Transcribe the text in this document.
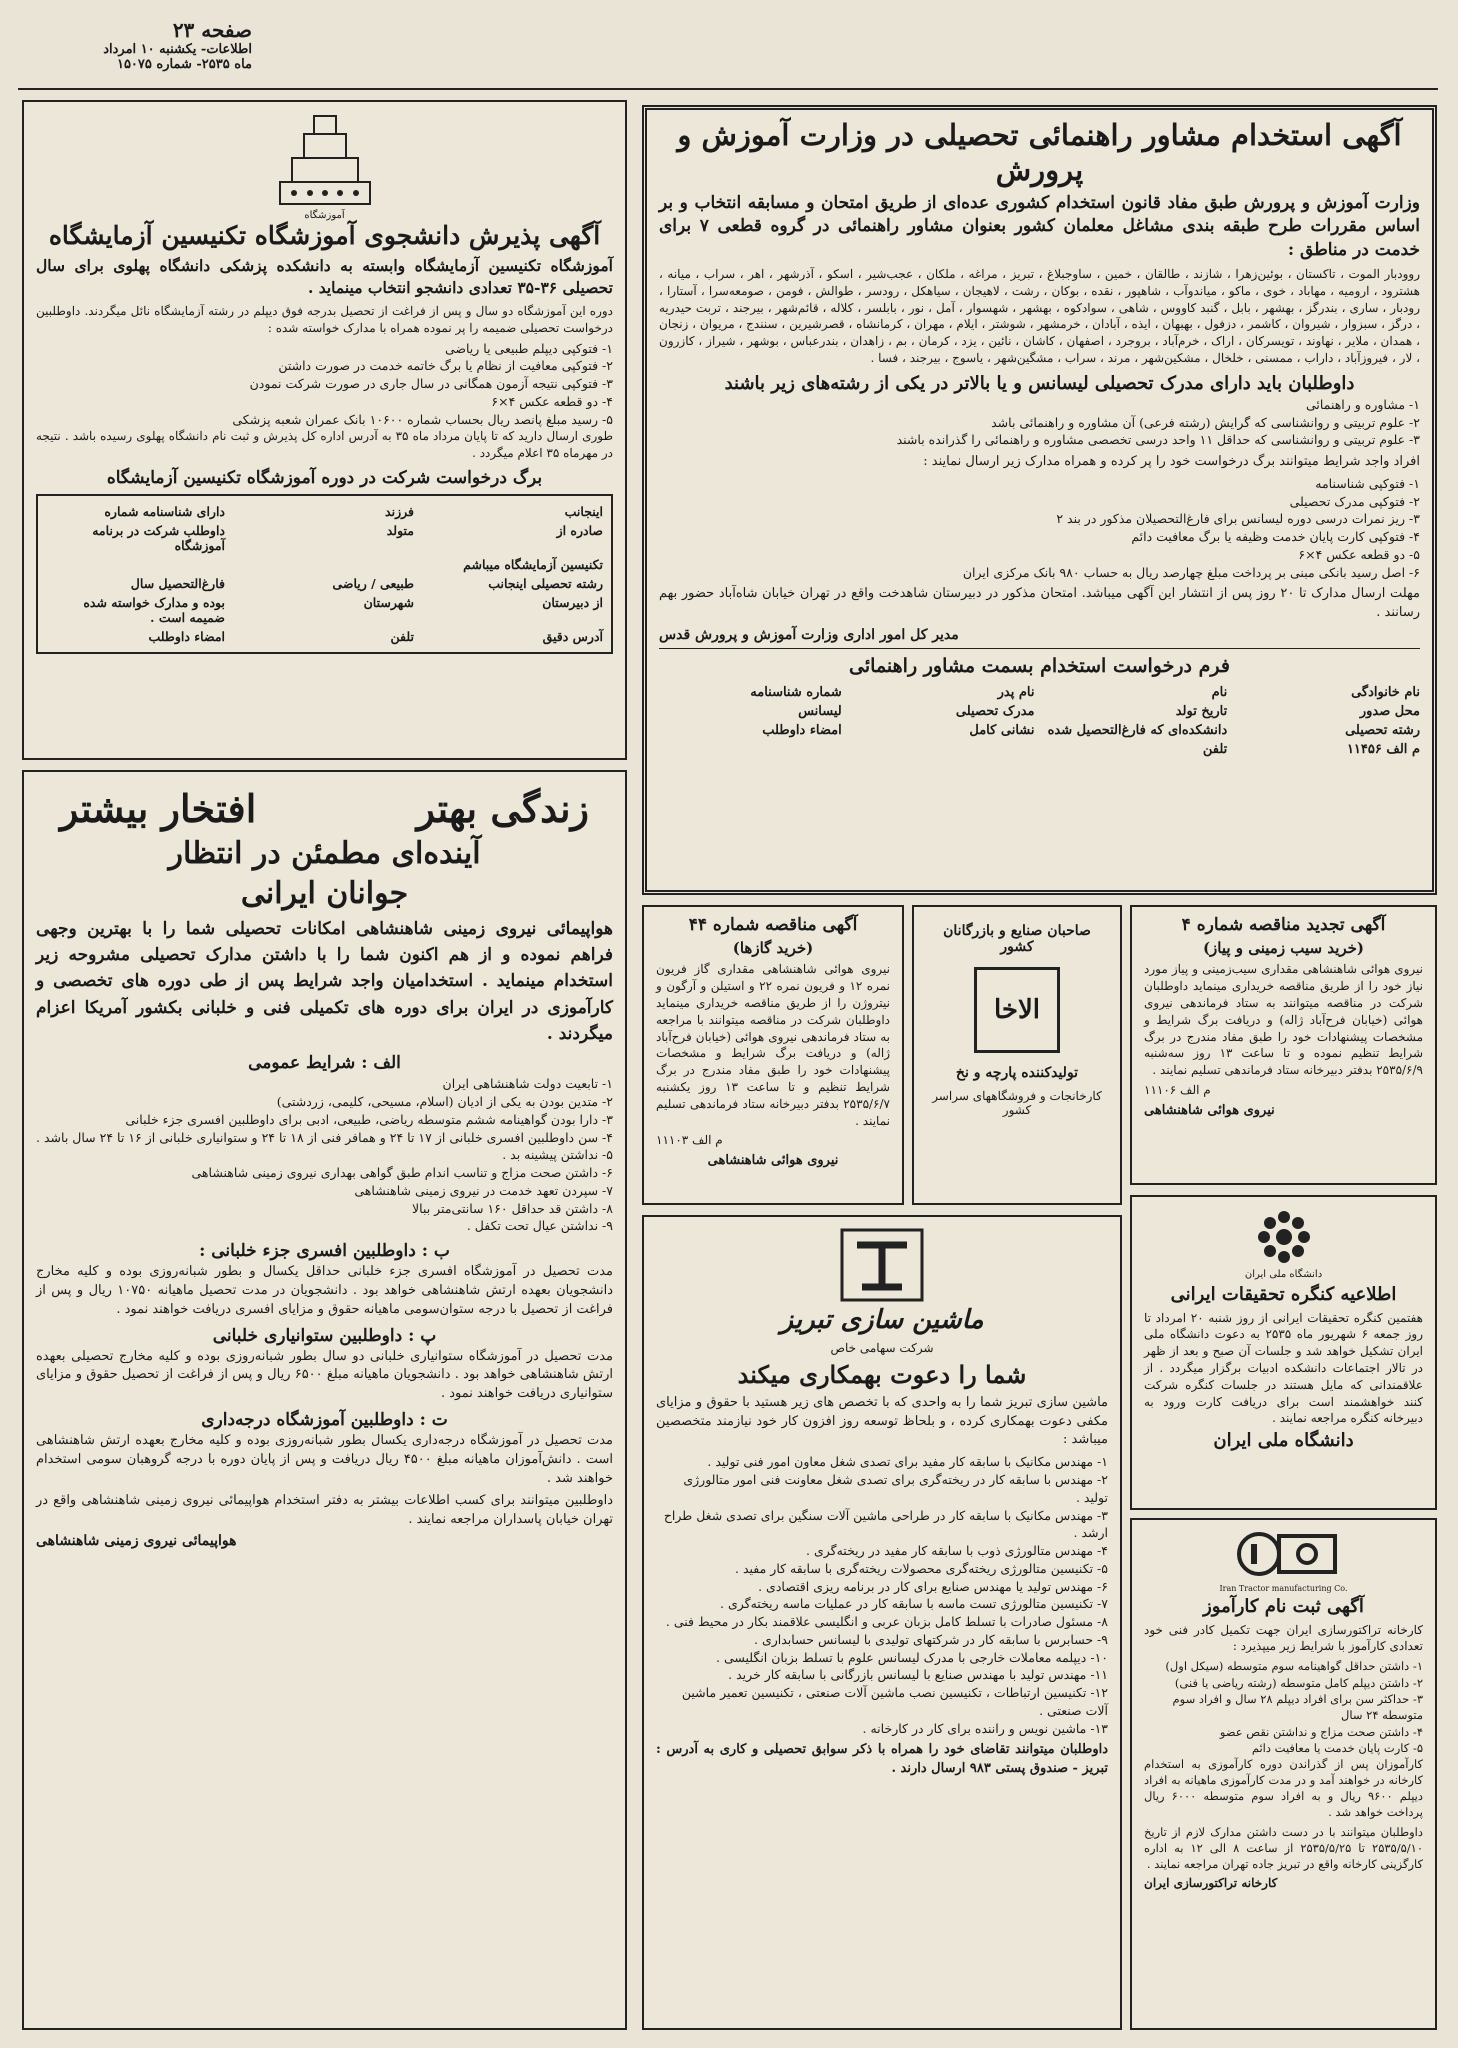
صفحه ۲۳
اطلاعات- یکشنبه ۱۰ امرداد
ماه ۲۵۳۵- شماره ۱۵۰۷۵
آگهی استخدام مشاور راهنمائی تحصیلی در وزارت آموزش و پرورش

وزارت آموزش و پرورش طبق مفاد قانون استخدام کشوری عده‌ای از طریق امتحان و مسابقه انتخاب و بر اساس مقررات طرح طبقه بندی مشاغل معلمان کشور بعنوان مشاور راهنمائی در گروه قطعی ۷ برای خدمت در مناطق :

روودبار الموت ، تاکستان ، بوئین‌زهرا ، شازند ، طالقان ، خمین ، ساوجبلاغ ، تبریز ، مراغه ، ملکان ، عجب‌شیر ، اسکو ، آذرشهر ، اهر ، سراب ، میانه ، هشترود ، ارومیه ، مهاباد ، خوی ، ماکو ، میاندوآب ، شاهپور ، نقده ، بوکان ، رشت ، لاهیجان ، سیاهکل ، رودسر ، طوالش ، فومن ، صومعه‌سرا ، آستارا ، رودبار ، ساری ، بندرگز ، بهشهر ، بابل ، گنبد کاووس ، شاهی ، سوادکوه ، بهشهر ، شهسوار ، آمل ، نور ، بابلسر ، کلاله ، قائم‌شهر ، بیرجند ، تربت حیدریه ، درگز ، سبزوار ، شیروان ، کاشمر ، دزفول ، بهبهان ، ایذه ، آبادان ، خرمشهر ، شوشتر ، ایلام ، مهران ، کرمانشاه ، قصرشیرین ، سنندج ، مریوان ، زنجان ، همدان ، ملایر ، نهاوند ، تویسرکان ، اراک ، خرم‌آباد ، بروجرد ، اصفهان ، کاشان ، نائین ، یزد ، کرمان ، بم ، زاهدان ، بندرعباس ، بوشهر ، شیراز ، کازرون ، لار ، فیروزآباد ، داراب ، ممسنی ، خلخال ، مشکین‌شهر ، مرند ، سراب ، مشگین‌شهر ، یاسوج ، بیرجند ، فسا .

داوطلبان باید دارای مدرک تحصیلی لیسانس و یا بالاتر در یکی از رشته‌های زیر باشند
۱- مشاوره و راهنمائی
۲- علوم تربیتی و روانشناسی که گرایش (رشته فرعی) آن مشاوره و راهنمائی باشد
۳- علوم تربیتی و روانشناسی که حداقل ۱۱ واحد درسی تخصصی مشاوره و راهنمائی را گذرانده باشند

افراد واجد شرایط میتوانند برگ درخواست خود را پر کرده و همراه مدارک زیر ارسال نمایند :

۱- فتوکپی شناسنامه
۲- فتوکپی مدرک تحصیلی
۳- ریز نمرات درسی دوره لیسانس برای فارغ‌التحصیلان مذکور در بند ۲
۴- فتوکپی کارت پایان خدمت وظیفه یا برگ معافیت دائم
۵- دو قطعه عکس ۴×۶
۶- اصل رسید بانکی مبنی بر پرداخت مبلغ چهارصد ریال به حساب ۹۸۰ بانک مرکزی ایران

مهلت ارسال مدارک تا ۲۰ روز پس از انتشار این آگهی میباشد. امتحان مذکور در دبیرستان شاهدخت واقع در تهران خیابان شاه‌آباد حضور بهم رسانند .

مدیر کل امور اداری وزارت آموزش و پرورش قدس
فرم درخواست استخدام بسمت مشاور راهنمائی
نام خانوادگی
نام
نام پدر
شماره شناسنامه
محل صدور
تاریخ تولد
مدرک تحصیلی
لیسانس
رشته تحصیلی
دانشکده‌ای که فارغ‌التحصیل شده
نشانی کامل
امضاء داوطلب
م الف ۱۱۴۵۶
تلفن
آموزشگاه
آگهی پذیرش دانشجوی آموزشگاه تکنیسین آزمایشگاه

آموزشگاه تکنیسین آزمایشگاه وابسته به دانشکده پزشکی دانشگاه پهلوی برای سال تحصیلی ۳۶-۳۵ تعدادی دانشجو انتخاب مینماید .

دوره این آموزشگاه دو سال و پس از فراغت از تحصیل بدرجه فوق دیپلم در رشته آزمایشگاه نائل میگردند. داوطلبین درخواست تحصیلی ضمیمه را پر نموده همراه با مدارک خواسته شده :

۱- فتوکپی دیپلم طبیعی یا ریاضی
۲- فتوکپی معافیت از نظام یا برگ خاتمه خدمت در صورت داشتن
۳- فتوکپی نتیجه آزمون همگانی در سال جاری در صورت شرکت نمودن
۴- دو قطعه عکس ۴×۶
۵- رسید مبلغ پانصد ریال بحساب شماره ۱۰۶۰۰ بانک عمران شعبه پزشکی

طوری ارسال دارید که تا پایان مرداد ماه ۳۵ به آدرس اداره کل پذیرش و ثبت نام دانشگاه پهلوی رسیده باشد . نتیجه در مهرماه ۳۵ اعلام میگردد .

برگ درخواست شرکت در دوره آموزشگاه تکنیسین آزمایشگاه
اینجانب
فرزند
دارای شناسنامه شماره
صادره از
متولد
داوطلب شرکت در برنامه آموزشگاه
تکنیسین آزمایشگاه میباشم
رشته تحصیلی اینجانب
طبیعی / ریاضی
فارغ‌التحصیل سال
از دبیرستان
شهرستان
بوده و مدارک خواسته شده ضمیمه است .
آدرس دقیق
تلفن
امضاء داوطلب
زندگی بهتر
افتخار بیشتر
آینده‌ای مطمئن در انتظار
جوانان ایرانی

هواپیمائی نیروی زمینی شاهنشاهی امکانات تحصیلی شما را با بهترین وجهی فراهم نموده و از هم اکنون شما را با داشتن مدارک تحصیلی مشروحه زیر استخدام مینماید . استخدامیان واجد شرایط پس از طی دوره های تخصصی و کارآموزی در ایران برای دوره های تکمیلی فنی و خلبانی بکشور آمریکا اعزام میگردند .

الف : شرایط عمومی
۱- تابعیت دولت شاهنشاهی ایران
۲- متدین بودن به یکی از ادیان (اسلام، مسیحی، کلیمی، زردشتی)
۳- دارا بودن گواهینامه ششم متوسطه ریاضی، طبیعی، ادبی برای داوطلبین افسری جزء خلبانی
۴- سن داوطلبین افسری خلبانی از ۱۷ تا ۲۴ و همافر فنی از ۱۸ تا ۲۴ و ستوانیاری خلبانی از ۱۶ تا ۲۴ سال باشد .
۵- نداشتن پیشینه بد .
۶- داشتن صحت مزاج و تناسب اندام طبق گواهی بهداری نیروی زمینی شاهنشاهی
۷- سپردن تعهد خدمت در نیروی زمینی شاهنشاهی
۸- داشتن قد حداقل ۱۶۰ سانتی‌متر ببالا
۹- نداشتن عیال تحت تکفل .
ب : داوطلبین افسری جزء خلبانی :

مدت تحصیل در آموزشگاه افسری جزء خلبانی حداقل یکسال و بطور شبانه‌روزی بوده و کلیه مخارج دانشجویان بعهده ارتش شاهنشاهی خواهد بود . دانشجویان در مدت تحصیل ماهیانه ۱۰۷۵۰ ریال و پس از فراغت از تحصیل با درجه ستوان‌سومی ماهیانه حقوق و مزایای افسری دریافت خواهند نمود .

پ : داوطلبین ستوانیاری خلبانی

مدت تحصیل در آموزشگاه ستوانیاری خلبانی دو سال بطور شبانه‌روزی بوده و کلیه مخارج تحصیلی بعهده ارتش شاهنشاهی خواهد بود . دانشجویان ماهیانه مبلغ ۶۵۰۰ ریال و پس از فراغت از تحصیل حقوق و مزایای ستوانیاری دریافت خواهند نمود .

ت : داوطلبین آموزشگاه درجه‌داری

مدت تحصیل در آموزشگاه درجه‌داری یکسال بطور شبانه‌روزی بوده و کلیه مخارج بعهده ارتش شاهنشاهی است . دانش‌آموزان ماهیانه مبلغ ۴۵۰۰ ریال دریافت و پس از پایان دوره با درجه گروهبان سومی استخدام خواهند شد .

داوطلبین میتوانند برای کسب اطلاعات بیشتر به دفتر استخدام هواپیمائی نیروی زمینی شاهنشاهی واقع در تهران خیابان پاسداران مراجعه نمایند .

هواپیمائی نیروی زمینی شاهنشاهی
آگهی مناقصه شماره ۴۴
(خرید گازها)

نیروی هوائی شاهنشاهی مقداری گاز فریون نمره ۱۲ و فریون نمره ۲۲ و استیلن و آرگون و نیتروژن را از طریق مناقصه خریداری مینماید داوطلبان شرکت در مناقصه میتوانند با مراجعه به ستاد فرماندهی نیروی هوائی (خیابان فرح‌آباد ژاله) و دریافت برگ شرایط و مشخصات پیشنهادات خود را طبق مفاد مندرج در برگ شرایط تنظیم و تا ساعت ۱۳ روز یکشنبه ۲۵۳۵/۶/۷ بدفتر دبیرخانه ستاد فرماندهی تسلیم نمایند .

م الف ۱۱۱۰۳
نیروی هوائی شاهنشاهی
صاحبان صنایع و بازرگانان کشور
الاخا
تولیدکننده پارچه و نخ
کارخانجات و فروشگاههای سراسر کشور
آگهی تجدید مناقصه شماره ۴
(خرید سیب زمینی و پیاز)

نیروی هوائی شاهنشاهی مقداری سیب‌زمینی و پیاز مورد نیاز خود را از طریق مناقصه خریداری مینماید داوطلبان شرکت در مناقصه میتوانند به ستاد فرماندهی نیروی هوائی (خیابان فرح‌آباد ژاله) و دریافت برگ شرایط و مشخصات پیشنهادات خود را طبق مفاد مندرج در برگ شرایط تنظیم نموده و تا ساعت ۱۳ روز سه‌شنبه ۲۵۳۵/۶/۹ بدفتر دبیرخانه ستاد فرماندهی تسلیم نمایند .

م الف ۱۱۱۰۶
نیروی هوائی شاهنشاهی
ماشین سازی تبریز
شرکت سهامی خاص
شما را دعوت بهمکاری میکند

ماشین سازی تبریز شما را به واحدی که با تخصص های زیر هستید با حقوق و مزایای مکفی دعوت بهمکاری کرده ، و بلحاظ توسعه روز افزون کار خود نیازمند متخصصین میباشد :

۱- مهندس مکانیک با سابقه کار مفید برای تصدی شغل معاون امور فنی تولید .
۲- مهندس با سابقه کار در ریخته‌گری برای تصدی شغل معاونت فنی امور متالورژی تولید .
۳- مهندس مکانیک با سابقه کار در طراحی ماشین آلات سنگین برای تصدی شغل طراح ارشد .
۴- مهندس متالورژی ذوب با سابقه کار مفید در ریخته‌گری .
۵- تکنیسین متالورژی ریخته‌گری محصولات ریخته‌گری با سابقه کار مفید .
۶- مهندس تولید یا مهندس صنایع برای کار در برنامه ریزی اقتصادی .
۷- تکنیسین متالورژی تست ماسه با سابقه کار در عملیات ماسه ریخته‌گری .
۸- مسئول صادرات با تسلط کامل بزبان عربی و انگلیسی علاقمند بکار در محیط فنی .
۹- حسابرس با سابقه کار در شرکتهای تولیدی با لیسانس حسابداری .
۱۰- دیپلمه معاملات خارجی با مدرک لیسانس علوم با تسلط بزبان انگلیسی .
۱۱- مهندس تولید با مهندس صنایع با لیسانس بازرگانی با سابقه کار خرید .
۱۲- تکنیسین ارتباطات ، تکنیسین نصب ماشین آلات صنعتی ، تکنیسین تعمیر ماشین آلات صنعتی .
۱۳- ماشین نویس و راننده برای کار در کارخانه .

داوطلبان میتوانند تقاضای خود را همراه با ذکر سوابق تحصیلی و کاری به آدرس : تبریز - صندوق پستی ۹۸۳ ارسال دارند .

دانشگاه ملی ایران
اطلاعیه کنگره تحقیقات ایرانی

هفتمین کنگره تحقیقات ایرانی از روز شنبه ۲۰ امرداد تا روز جمعه ۶ شهریور ماه ۲۵۳۵ به دعوت دانشگاه ملی ایران تشکیل خواهد شد و جلسات آن صبح و بعد از ظهر در تالار اجتماعات دانشکده ادبیات برگزار میگردد . از علاقمندانی که مایل هستند در جلسات کنگره شرکت کنند خواهشمند است برای دریافت کارت ورود به دبیرخانه کنگره مراجعه نمایند .

دانشگاه ملی ایران
Iran Tractor manufacturing Co.
آگهی ثبت نام کارآموز

کارخانه تراکتورسازی ایران جهت تکمیل کادر فنی خود تعدادی کارآموز با شرایط زیر میپذیرد :

۱- داشتن حداقل گواهینامه سوم متوسطه (سیکل اول)
۲- داشتن دیپلم کامل متوسطه (رشته ریاضی یا فنی)
۳- حداکثر سن برای افراد دیپلم ۲۸ سال و افراد سوم متوسطه ۲۴ سال
۴- داشتن صحت مزاج و نداشتن نقص عضو
۵- کارت پایان خدمت یا معافیت دائم

کارآموزان پس از گذراندن دوره کارآموزی به استخدام کارخانه در خواهند آمد و در مدت کارآموزی ماهیانه به افراد دیپلم ۹۶۰۰ ریال و به افراد سوم متوسطه ۶۰۰۰ ریال پرداخت خواهد شد .

داوطلبان میتوانند با در دست داشتن مدارک لازم از تاریخ ۲۵۳۵/۵/۱۰ تا ۲۵۳۵/۵/۲۵ از ساعت ۸ الی ۱۲ به اداره کارگزینی کارخانه واقع در تبریز جاده تهران مراجعه نمایند .

کارخانه تراکتورسازی ایران
